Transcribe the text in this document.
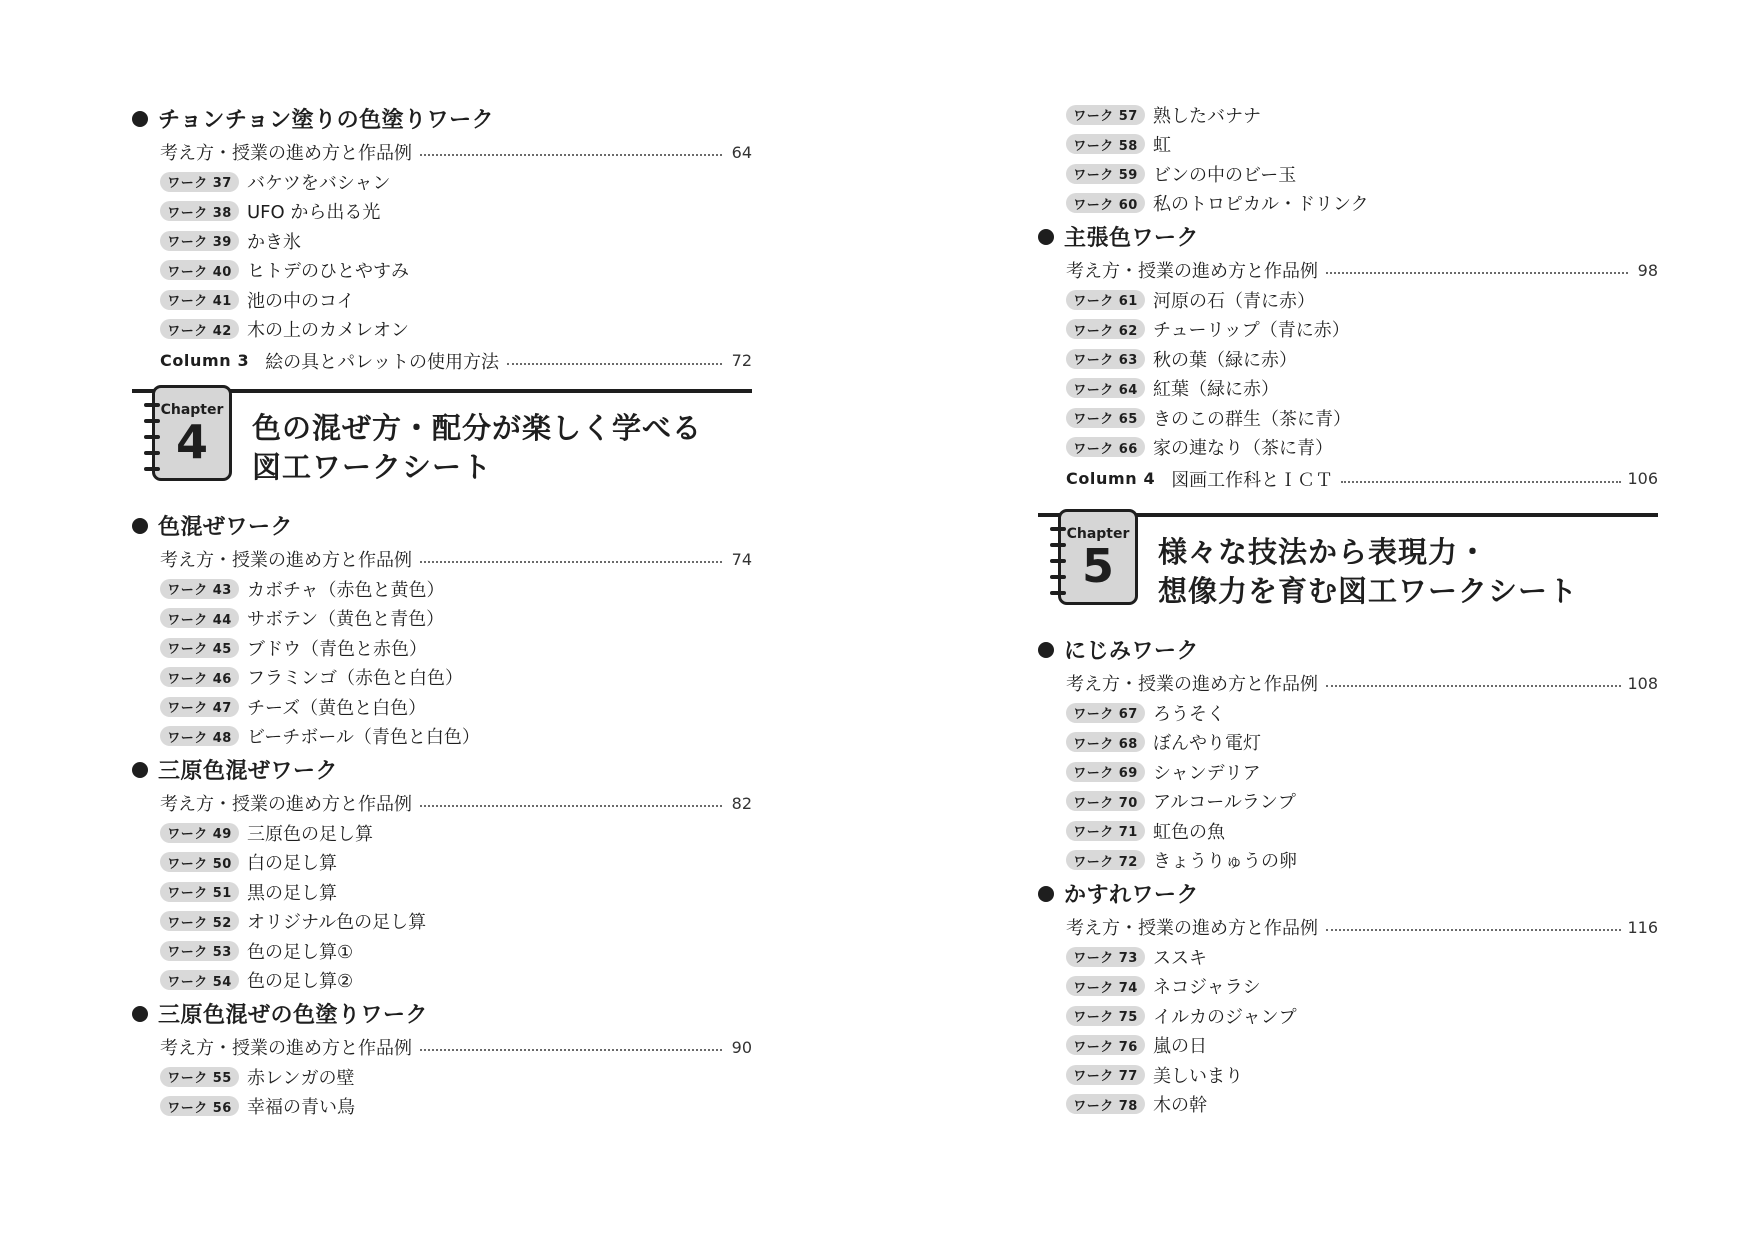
チョンチョン塗りの色塗りワーク
考え方・授業の進め方と作品例	64
ワーク 37 バケツをバシャン
ワーク 38 UFO から出る光
ワーク 39 かき氷
ワーク 40 ヒトデのひとやすみ
ワーク 41 池の中のコイ
ワーク 42 木の上のカメレオン
Column 3 絵の具とパレットの使用方法	72
Chapter
4	色の混ぜ方・配分が楽しく学べる
図工ワークシート
色混ぜワーク
考え方・授業の進め方と作品例	74
ワーク 43 カボチャ（赤色と黄色）
ワーク 44 サボテン（黄色と青色）
ワーク 45 ブドウ（青色と赤色）
ワーク 46 フラミンゴ（赤色と白色）
ワーク 47 チーズ（黄色と白色）
ワーク 48 ビーチボール（青色と白色）
三原色混ぜワーク
考え方・授業の進め方と作品例	82
ワーク 49 三原色の足し算
ワーク 50 白の足し算
ワーク 51 黒の足し算
ワーク 52 オリジナル色の足し算
ワーク 53 色の足し算①
ワーク 54 色の足し算②
三原色混ぜの色塗りワーク
考え方・授業の進め方と作品例	90
ワーク 55 赤レンガの壁
ワーク 56 幸福の青い鳥
ワーク 57 熟したバナナ
ワーク 58 虹
ワーク 59 ビンの中のビー玉
ワーク 60 私のトロピカル・ドリンク
主張色ワーク
考え方・授業の進め方と作品例	98
ワーク 61 河原の石（青に赤）
ワーク 62 チューリップ（青に赤）
ワーク 63 秋の葉（緑に赤）
ワーク 64 紅葉（緑に赤）
ワーク 65 きのこの群生（茶に青）
ワーク 66 家の連なり（茶に青）
Column 4 図画工作科とＩＣＴ	106
Chapter
5	様々な技法から表現力・
想像力を育む図工ワークシート
にじみワーク
考え方・授業の進め方と作品例	108
ワーク 67 ろうそく
ワーク 68 ぼんやり電灯
ワーク 69 シャンデリア
ワーク 70 アルコールランプ
ワーク 71 虹色の魚
ワーク 72 きょうりゅうの卵
かすれワーク
考え方・授業の進め方と作品例	116
ワーク 73 ススキ
ワーク 74 ネコジャラシ
ワーク 75 イルカのジャンプ
ワーク 76 嵐の日
ワーク 77 美しいまり
ワーク 78 木の幹
